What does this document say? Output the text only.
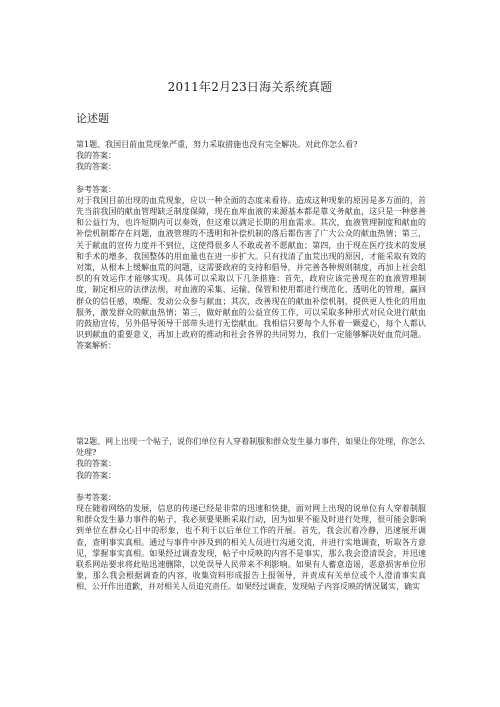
2011年2月23日海关系统真题
论述题
第1题、我国目前血荒现象严重，努力采取措施也没有完全解决。对此你怎么看?
我的答案：
我的答案：
参考答案：
对于我国目前出现的血荒现象，应以一种全面的态度来看待。造成这种现象的原因是多方面的，首先当前我国的献血管理缺乏制度保障，现在血库血液的来源基本都是靠义务献血，这只是一种慈善和公益行为，也许短期内可以奏效，但这难以满足长期的用血需求。其次，血液管理制度和献血的补偿机制都存在问题，血液管理的不透明和补偿机制的落后都伤害了广大公众的献血热情；第三，关于献血的宣传力度并不到位，这使得很多人不敢或者不愿献血；第四，由于现在医疗技术的发展和手术的增多，我国整体的用血量也在进一步扩大。只有找清了血荒出现的原因，才能采取有效的对策，从根本上缓解血荒的问题，这需要政府的支持和倡导，并完善各种规则制度，再加上社会组织的有效运作才能够实现。具体可以采取以下几条措施：首先，政府应该完善现在的血液管理制度，制定相应的法律法规，对血液的采集、运输、保管和使用都进行规范化、透明化的管理，赢回群众的信任感，唤醒、发动公众参与献血；其次，改善现在的献血补偿机制，提供更人性化的用血服务，激发群众的献血热情；第三，做好献血的公益宣传工作，可以采取多种形式对民众进行献血的鼓励宣传，另外倡导领导干部带头进行无偿献血。我相信只要每个人怀着一颗爱心，每个人都认识到献血的重要意义，再加上政府的推动和社会各界的共同努力，我们一定能够解决好血荒问题。答案解析：
第2题、网上出现一个帖子，说你们单位有人穿着制服和群众发生暴力事件，如果让你处理，你怎么处理?
我的答案：
我的答案：
参考答案：
现在随着网络的发展，信息的传递已经是非常的迅速和快捷，面对网上出现的说单位有人穿着制服和群众发生暴力事件的帖子，我必须要果断采取行动，因为如果不能及时进行处理，很可能会影响到单位在群众心目中的形象，也不利于以后单位工作的开展。首先，我会沉着冷静，迅速展开调查，查明事实真相。通过与事件中涉及到的相关人员进行沟通交流，并进行实地调查，听取各方意见，掌握事实真相。如果经过调查发现，帖子中反映的内容不是事实，那么我会澄清误会，并迅速联系网站要求将此贴迅速删除，以免误导人民带来不利影响。如果有人蓄意造谣，恶意损害单位形象，那么我会根据调查的内容，收集资料形成报告上报领导，并责成有关单位或个人澄清事实真相、公开作出道歉，并对相关人员追究责任。如果经过调查，发现帖子内容反映的情况属实，确实
